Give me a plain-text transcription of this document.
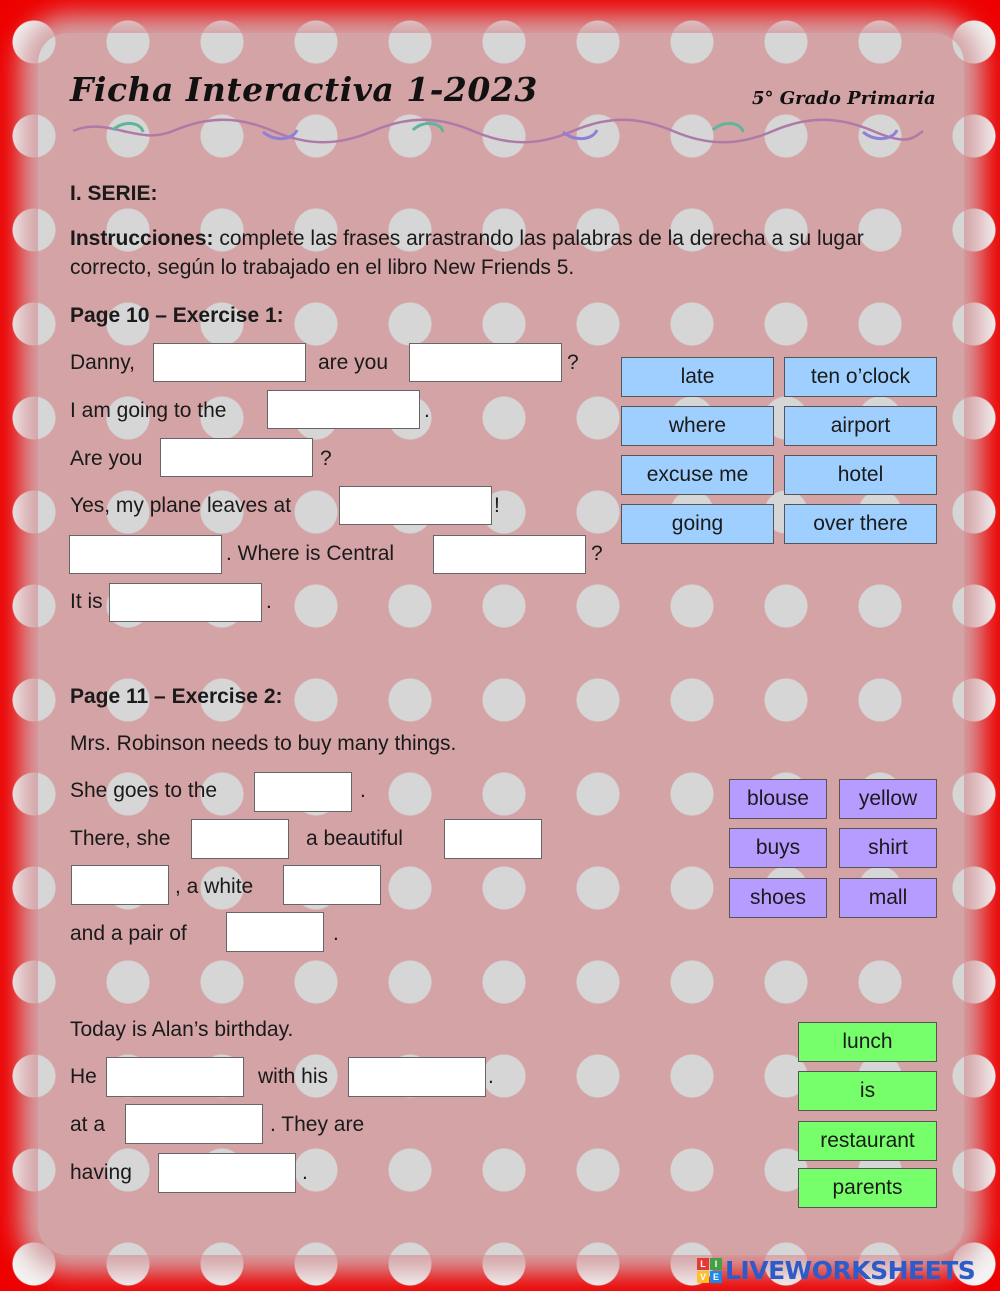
Ficha Interactiva 1-2023	5° Grado Primaria
I. SERIE:
Instrucciones: complete las frases arrastrando las palabras de la derecha a su lugar correcto, según lo trabajado en el libro New Friends 5.
Page 10 – Exercise 1:
Danny,	are you	?
I am going to the	.
Are you	?
Yes, my plane leaves at	!
. Where is Central	?
It is	.
late	ten o’clock
where	airport
excuse me	hotel
going	over there
Page 11 – Exercise 2:
Mrs. Robinson needs to buy many things.
She goes to the	.
There, she	a beautiful
, a white
and a pair of	.
blouse	yellow
buys	shirt
shoes	mall
Today is Alan’s birthday.
He	with his	.
at a	. They are
having	.
lunch
is
restaurant
parents
L I
V E LIVEWORKSHEETS
